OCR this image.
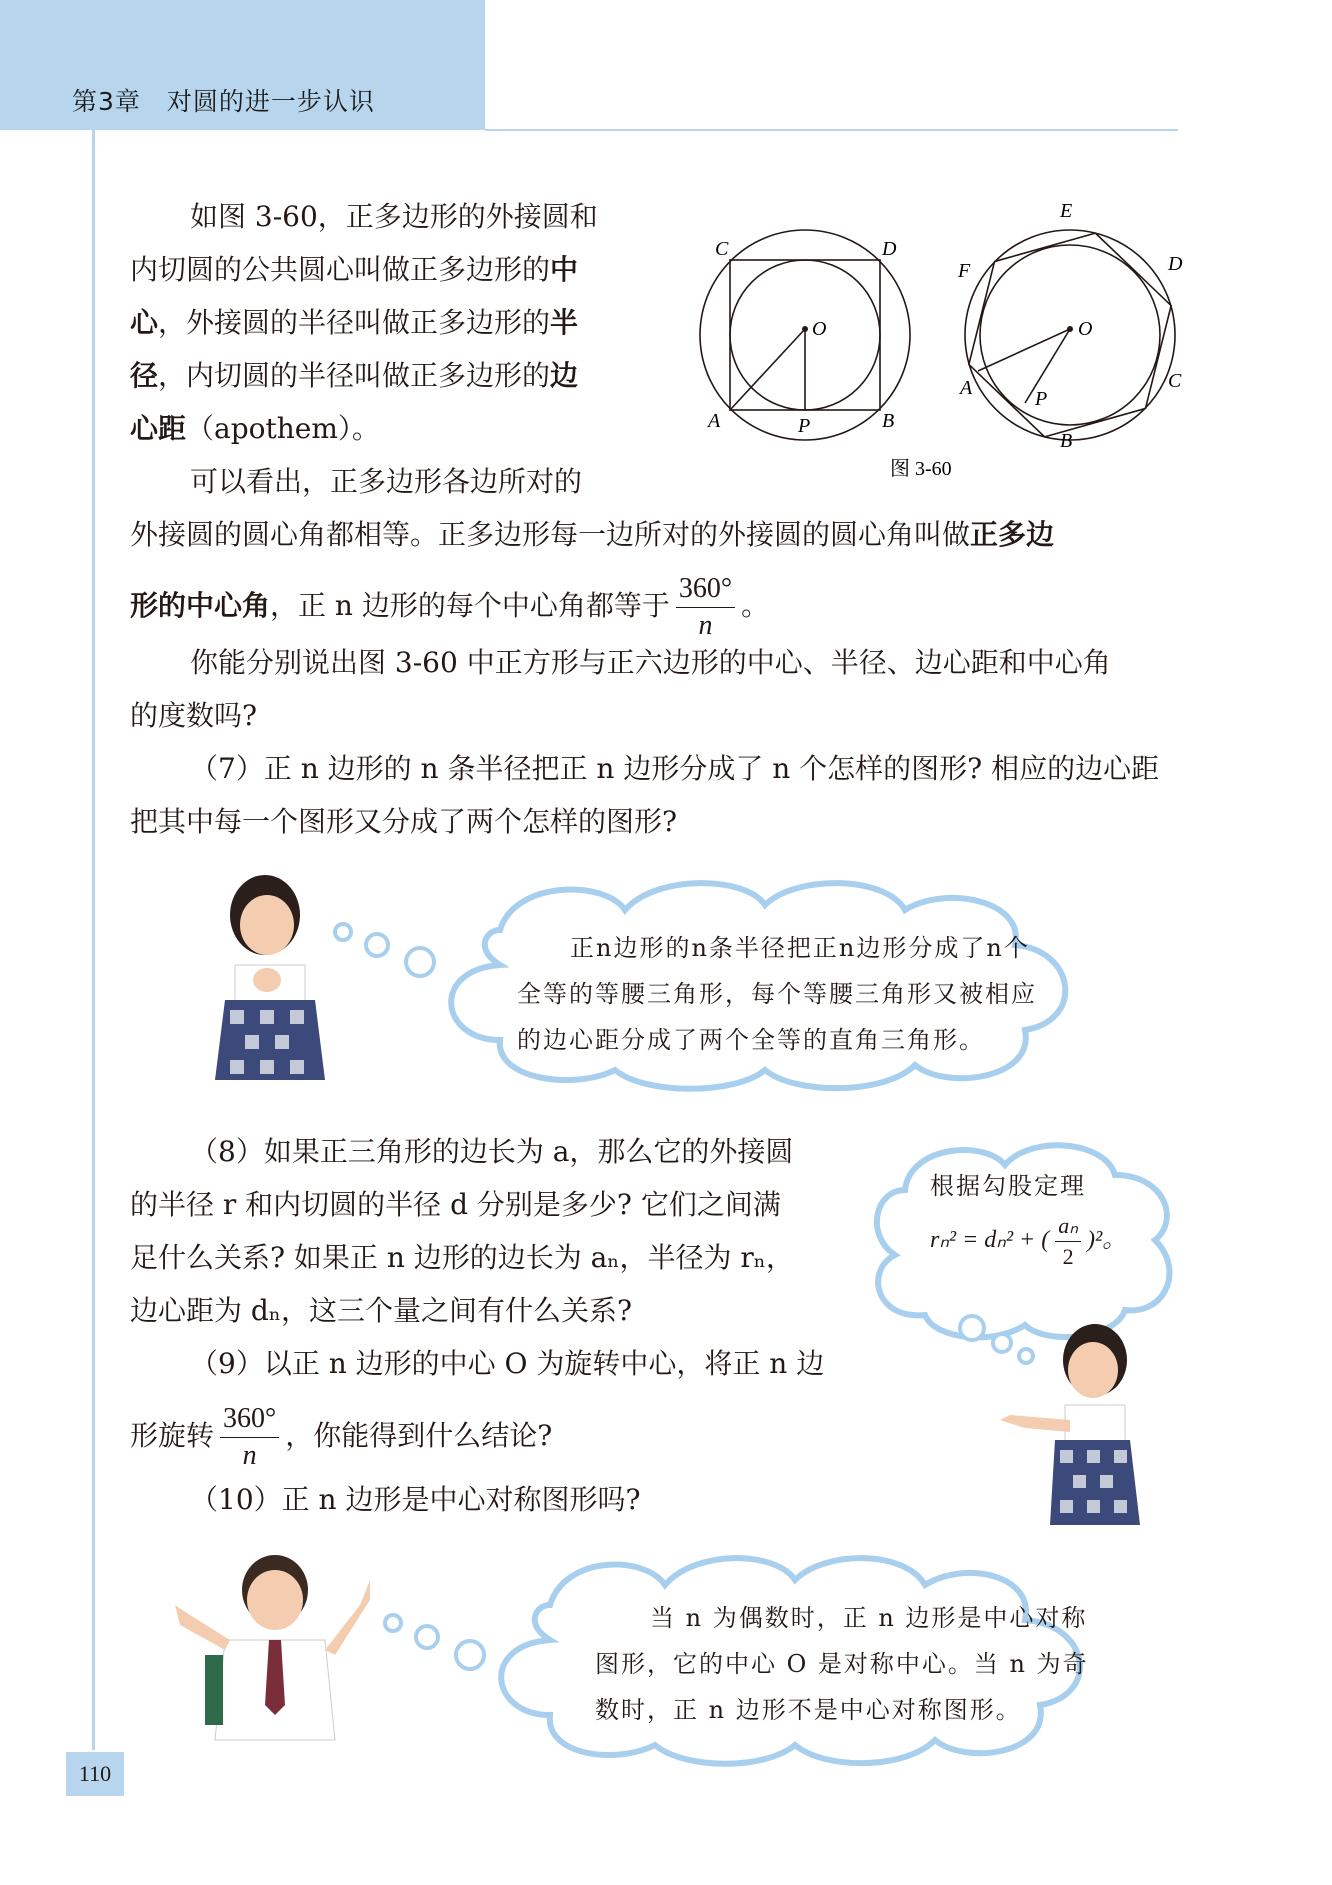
第3章　对圆的进一步认识
如图 3-60，正多边形的外接圆和
内切圆的公共圆心叫做正多边形的中
心，外接圆的半径叫做正多边形的半
径，内切圆的半径叫做正多边形的边
心距（apothem）。
C	D
O
A	P	B
E
F	D
O
A	P
C
B
图 3-60
可以看出，正多边形各边所对的
外接圆的圆心角都相等。正多边形每一边所对的外接圆的圆心角叫做正多边
形的中心角，正 n 边形的每个中心角都等于 $\frac{360^\circ}{n}$ 。
你能分别说出图 3-60 中正方形与正六边形的中心、半径、边心距和中心角
的度数吗?
（7）正 n 边形的 n 条半径把正 n 边形分成了 n 个怎样的图形? 相应的边心距
把其中每一个图形又分成了两个怎样的图形?
正n边形的n条半径把正n边形分成了n个
全等的等腰三角形，每个等腰三角形又被相应
的边心距分成了两个全等的直角三角形。
（8）如果正三角形的边长为 a，那么它的外接圆
的半径 r 和内切圆的半径 d 分别是多少? 它们之间满
足什么关系? 如果正 n 边形的边长为 aₙ，半径为 rₙ，
边心距为 dₙ，这三个量之间有什么关系?
根据勾股定理
rₙ² = dₙ² + ( $\frac{\text{aₙ}}{2} )^2$。
（9）以正 n 边形的中心 O 为旋转中心，将正 n 边
形旋转 $\frac{360^\circ}{n}$ ，你能得到什么结论?
（10）正 n 边形是中心对称图形吗?
当 n 为偶数时，正 n 边形是中心对称
图形，它的中心 O 是对称中心。当 n 为奇
数时，正 n 边形不是中心对称图形。
110
